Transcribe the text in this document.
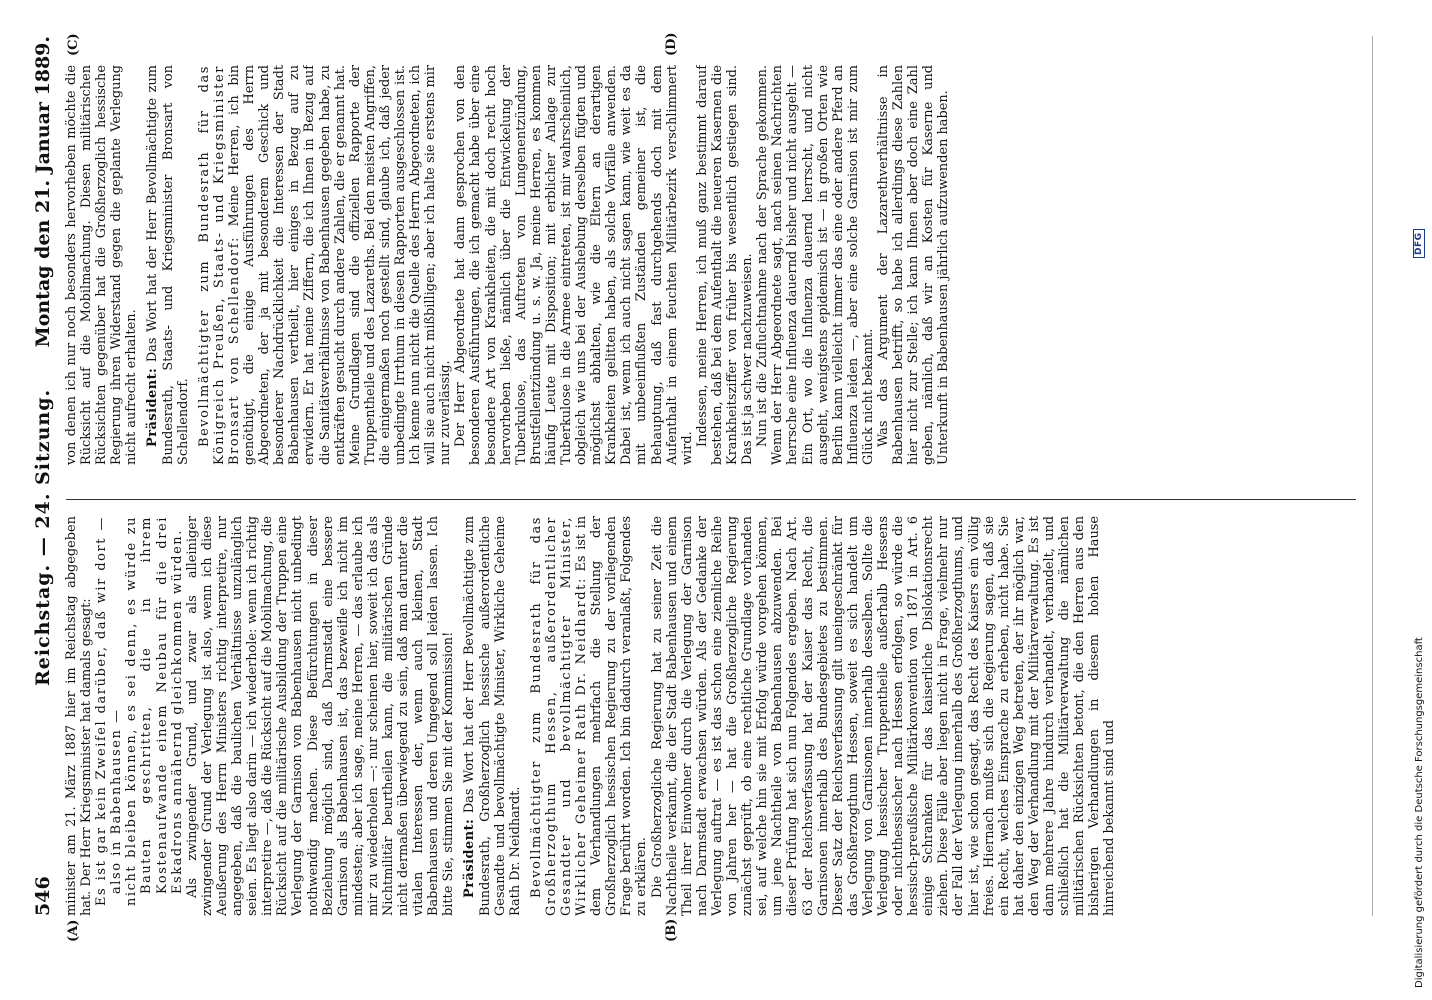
546
Reichstag. — 24. Sitzung.
Montag den 21. Januar 1889.
(A)	(B)
(C)	(D)

minister am 21. März 1887 hier im Reichstag abgegeben hat. Der Herr Kriegsminister hat damals gesagt: Es ist gar kein Zweifel darüber, daß wir dort — also in Babenhausen — nicht bleiben können, es sei denn, es würde zu Bauten geschritten, die in ihrem Kostenaufwande einem Neubau für die drei Eskadrons annähernd gleichkommen würden. Als zwingender Grund, und zwar als alleiniger zwingender Grund der Verlegung ist also, wenn ich diese Aeußerung des Herrn Ministers richtig interpretire, nur angegeben, daß die baulichen Verhältnisse unzulänglich seien. Es liegt also darin — ich wiederhole: wenn ich richtig interpretire —, daß die Rücksicht auf die Mobilmachung, die Rücksicht auf die militärische Ausbildung der Truppen eine Verlegung der Garnison von Babenhausen nicht unbedingt nothwendig machen. Diese Befürchtungen in dieser Beziehung möglich sind, daß Darmstadt eine bessere Garnison als Babenhausen ist, das bezweifle ich nicht im mindesten; aber ich sage, meine Herren, — das erlaube ich mir zu wiederholen —: nur scheinen hier, soweit ich das als Nichtmilitär beurtheilen kann, die militärischen Gründe nicht dermaßen überwiegend zu sein, daß man darunter die vitalen Interessen der, wenn auch kleinen, Stadt Babenhausen und deren Umgegend soll leiden lassen. Ich bitte Sie, stimmen Sie mit der Kommission! Präsident: Das Wort hat der Herr Bevollmächtigte zum Bundesrath, Großherzoglich hessische außerordentliche Gesandte und bevollmächtigte Minister, Wirkliche Geheime Rath Dr. Neidhardt. Bevollmächtigter zum Bundesrath für das Großherzogthum Hessen, außerordentlicher Gesandter und bevollmächtigter Minister, Wirklicher Geheimer Rath Dr. Neidhardt: Es ist in dem Verhandlungen mehrfach die Stellung der Großherzoglich hessischen Regierung zu der vorliegenden Frage berührt worden. Ich bin dadurch veranlaßt, Folgendes zu erklären. Die Großherzogliche Regierung hat zu seiner Zeit die Nachtheile verkannt, die der Stadt Babenhausen und einem Theil ihrer Einwohner durch die Verlegung der Garnison nach Darmstadt erwachsen würden. Als der Gedanke der Verlegung auftrat — es ist das schon eine ziemliche Reihe von Jahren her — hat die Großherzogliche Regierung zunächst geprüft, ob eine rechtliche Grundlage vorhanden sei, auf welche hin sie mit Erfolg würde vorgehen können, um jene Nachtheile von Babenhausen abzuwenden. Bei dieser Prüfung hat sich nun Folgendes ergeben. Nach Art. 63 der Reichsverfassung hat der Kaiser das Recht, die Garnisonen innerhalb des Bundesgebietes zu bestimmen. Dieser Satz der Reichsverfassung gilt uneingeschränkt für das Großherzogthum Hessen, soweit es sich handelt um Verlegung von Garnisonen innerhalb desselben. Sollte die Verlegung hessischer Truppentheile außerhalb Hessens oder nichthessischer nach Hessen erfolgen, so würde die hessisch-preußische Militärkonvention von 1871 in Art. 6 einige Schranken für das kaiserliche Dislokationsrecht ziehen. Diese Fälle aber liegen nicht in Frage, vielmehr nur der Fall der Verlegung innerhalb des Großherzogthums, und hier ist, wie schon gesagt, das Recht des Kaisers ein völlig freies. Hiernach mußte sich die Regierung sagen, daß sie ein Recht, welches Einsprache zu erheben, nicht habe. Sie hat daher den einzigen Weg betreten, der ihr möglich war, den Weg der Verhandlung mit der Militärverwaltung. Es ist dann mehrere Jahre hindurch verhandelt, verhandelt, und schließlich hat die Militärverwaltung die nämlichen militärischen Rücksichten betont, die den Herren aus den bisherigen Verhandlungen in diesem hohen Hause hinreichend bekannt sind und

von denen ich nur noch besonders hervorheben möchte die Rücksicht auf die Mobilmachung. Diesen militärischen Rücksichten gegenüber hat die Großherzoglich hessische Regierung ihren Widerstand gegen die geplante Verlegung nicht aufrecht erhalten. Präsident: Das Wort hat der Herr Bevollmächtigte zum Bundesrath, Staats- und Kriegsminister Bronsart von Schellendorf. Bevollmächtigter zum Bundesrath für das Königreich Preußen, Staats- und Kriegsminister Bronsart von Schellendorf: Meine Herren, ich bin genöthigt, die einige Ausführungen des Herrn Abgeordneten, der ja mit besonderem Geschick und besonderer Nachdrücklichkeit die Interessen der Stadt Babenhausen vertheilt, hier einiges in Bezug auf zu erwidern. Er hat meine Ziffern, die ich Ihnen in Bezug auf die Sanitätsverhältnisse von Babenhausen gegeben habe, zu entkräften gesucht durch andere Zahlen, die er genannt hat. Meine Grundlagen sind die offiziellen Rapporte der Truppentheile und des Lazareths. Bei den meisten Angriffen, die einigermaßen noch gestellt sind, glaube ich, daß jeder unbedingte Irrthum in diesen Rapporten ausgeschlossen ist. Ich kenne nun nicht die Quelle des Herrn Abgeordneten, ich will sie auch nicht mißbilligen; aber ich halte sie erstens mir nur zuverlässig. Der Herr Abgeordnete hat dann gesprochen von den besonderen Ausführungen, die ich gemacht habe über eine besondere Art von Krankheiten, die mit doch recht hoch hervorheben ließe, nämlich über die Entwickelung der Tuberkulose, das Auftreten von Lungenentzündung, Brustfellentzündung u. s. w. Ja, meine Herren, es kommen häufig Leute mit Disposition; mit erblicher Anlage zur Tuberkulose in die Armee eintreten, ist mir wahrscheinlich, obgleich wie uns bei der Aushebung derselben fügten und möglichst abhalten, wie die Eltern an derartigen Krankheiten gelitten haben, als solche Vorfälle anwenden. Dabei ist, wenn ich auch nicht sagen kann, wie weit es da mit unbeeinflußten Zuständen gemeiner ist, die Behauptung, daß fast durchgehends doch mit dem Aufenthalt in einem feuchten Militärbezirk verschlimmert wird.

Indessen, meine Herren, ich muß ganz bestimmt darauf bestehen, daß bei dem Aufenthalt die neueren Kasernen die Krankheitsziffer von früher bis wesentlich gestiegen sind. Das ist ja schwer nachzuweisen. Nun ist die Zufluchtnahme nach der Sprache gekommen. Wenn der Herr Abgeordnete sagt, nach seinen Nachrichten herrsche eine Influenza dauernd bisher und nicht ausgeht — Ein Ort, wo die Influenza dauernd herrscht, und nicht ausgeht, wenigstens epidemisch ist — in großen Orten wie Berlin kann vielleicht immer das eine oder andere Pferd an Influenza leiden —, aber eine solche Garnison ist mir zum Glück nicht bekannt. Was das Argument der Lazarethverhältnisse in Babenhausen betrifft, so habe ich allerdings diese Zahlen hier nicht zur Stelle; ich kann Ihnen aber doch eine Zahl geben, nämlich, daß wir an Kosten für Kaserne und Unterkunft in Babenhausen jährlich aufzuwenden haben.

Digitalisierung gefördert durch die Deutsche Forschungsgemeinschaft
DFG
